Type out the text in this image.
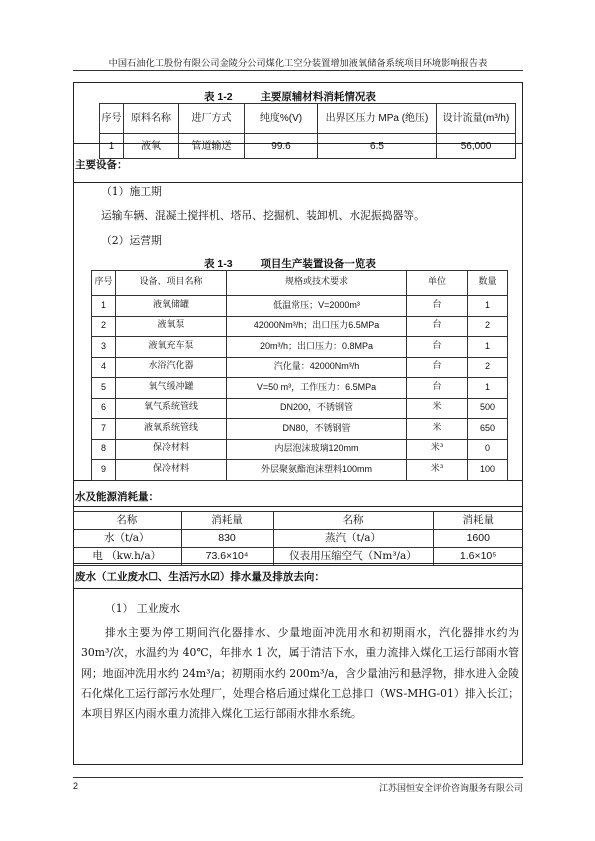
中国石油化工股份有限公司金陵分公司煤化工空分装置增加液氧储备系统项目环境影响报告表
表 1-2	主要原辅材料消耗情况表
序号	原料名称	进厂方式	纯度%(V)	出界区压力 MPa (绝压)	设计流量(m³/h)
1	液氧	管道输送	99.6	6.5	56,000
主要设备：
（1）施工期
运输车辆、混凝土搅拌机、塔吊、挖掘机、装卸机、水泥振捣器等。
（2）运营期
表 1-3	项目生产装置设备一览表
序号	设备、项目名称	规格或技术要求	单位	数量
1	液氧储罐	低温常压；V=2000m³	台	1
2	液氧泵	42000Nm³/h；出口压力6.5MPa	台	2
3	液氧充车泵	20m³/h；出口压力：0.8MPa	台	1
4	水浴汽化器	汽化量：42000Nm³/h	台	2
5	氧气缓冲罐	V=50 m³，工作压力：6.5MPa	台	1
6	氧气系统管线	DN200，不锈钢管	米	500
7	液氧系统管线	DN80，不锈钢管	米	650
8	保冷材料	内层泡沫玻璃120mm	米³	0
9	保冷材料	外层聚氨酯泡沫塑料100mm	米³	100
水及能源消耗量：
名称	消耗量	名称	消耗量
水（t/a）	830	蒸汽（t/a）	1600
电 （kw.h/a）	73.6×10⁴	仪表用压缩空气（Nm³/a）	1.6×10⁵
废水（工业废水☐、生活污水☑）排水量及排放去向：
（1） 工业废水
排水主要为停工期间汽化器排水、少量地面冲洗用水和初期雨水，汽化器排水约为 30m³/次，水温约为 40℃，年排水 1 次，属于清洁下水，重力流排入煤化工运行部雨水管网；地面冲洗用水约 24m³/a；初期雨水约 200m³/a，含少量油污和悬浮物，排水进入金陵石化煤化工运行部污水处理厂，处理合格后通过煤化工总排口（WS-MHG-01）排入长江；本项目界区内雨水重力流排入煤化工运行部雨水排水系统。
2	江苏国恒安全评价咨询服务有限公司
